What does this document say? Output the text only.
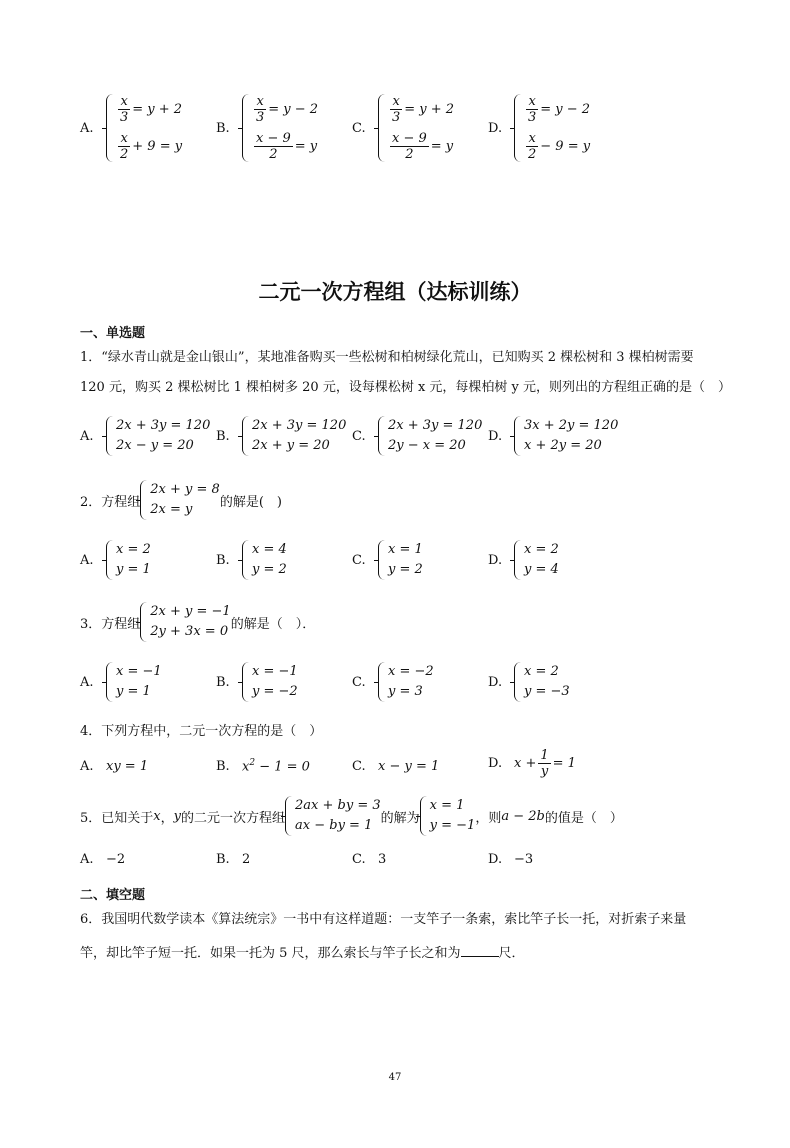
A.
$\frac{x}{3} = y + 2$
$\frac{x}{2} + 9 = y$
B.
$\frac{x}{3} = y - 2$
$\frac{x - 9}{2} = y$
C.
$\frac{x}{3} = y + 2$
$\frac{x - 9}{2} = y$
D.
$\frac{x}{3} = y - 2$
$\frac{x}{2} - 9 = y$
二元一次方程组（达标训练）
一、单选题
1．“绿水青山就是金山银山”，某地准备购买一些松树和柏树绿化荒山，已知购买 2 棵松树和 3 棵柏树需要
120 元，购买 2 棵松树比 1 棵柏树多 20 元，设每棵松树 x 元，每棵柏树 y 元，则列出的方程组正确的是（　）
A.
2x + 3y = 120
2x − y = 20
B.
2x + 3y = 120
2x + y = 20
C.
2x + 3y = 120
2y − x = 20
D.
3x + 2y = 120
x + 2y = 20
2．方程组
2x + y = 8
2x = y	的解是(　)
A.
x = 2
y = 1
B.
x = 4
y = 2
C.
x = 1
y = 2
D.
x = 2
y = 4
3．方程组
2x + y = −1
2y + 3x = 0 的解是（　）．
A.
x = −1
y = 1
B.
x = −1
y = −2
C.
x = −2
y = 3
D.
x = 2
y = −3
4．下列方程中，二元一次方程的是（　）
A. xy = 1	B. $x^2 - 1 = 0$	C. x − y = 1	D. $x + \frac{1}{y} = 1$
5．已知关于 x ， y 的二元一次方程组
2ax + by = 3
ax − by = 1 的解为
x = 1
y = −1 ，则 a − 2b 的值是（　）
A. −2	B. 2	C. 3	D. −3
二、填空题
6．我国明代数学读本《算法统宗》一书中有这样道题：一支竿子一条索，索比竿子长一托，对折索子来量
竿，却比竿子短一托．如果一托为 5 尺，那么索长与竿子长之和为	尺．
47
